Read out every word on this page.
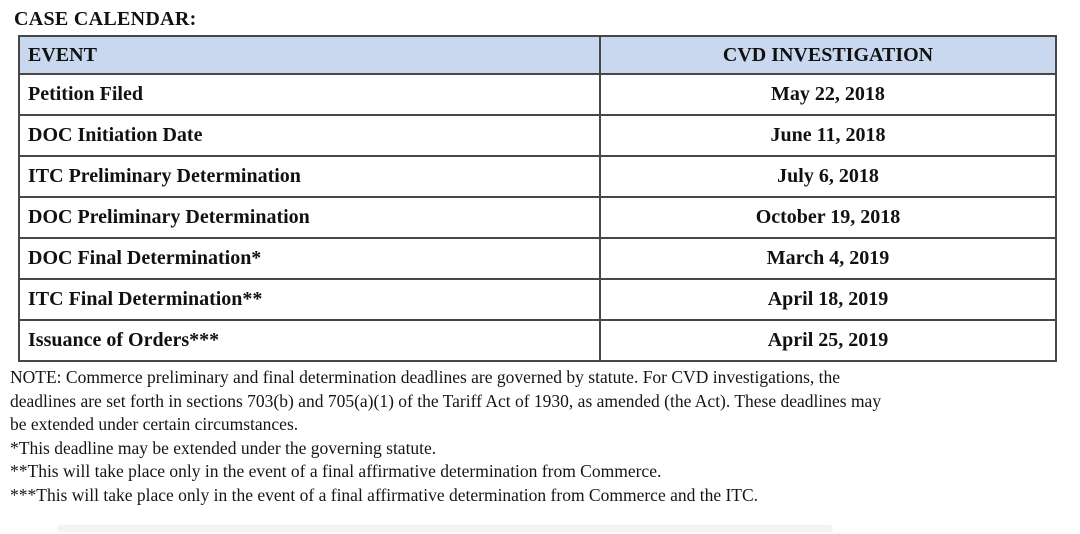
CASE CALENDAR:
EVENT	CVD INVESTIGATION
Petition Filed	May 22, 2018
DOC Initiation Date	June 11, 2018
ITC Preliminary Determination	July 6, 2018
DOC Preliminary Determination	October 19, 2018
DOC Final Determination*	March 4, 2019
ITC Final Determination**	April 18, 2019
Issuance of Orders***	April 25, 2019
NOTE: Commerce preliminary and final determination deadlines are governed by statute. For CVD investigations, the
deadlines are set forth in sections 703(b) and 705(a)(1) of the Tariff Act of 1930, as amended (the Act). These deadlines may
be extended under certain circumstances.
*This deadline may be extended under the governing statute.
**This will take place only in the event of a final affirmative determination from Commerce.
***This will take place only in the event of a final affirmative determination from Commerce and the ITC.
